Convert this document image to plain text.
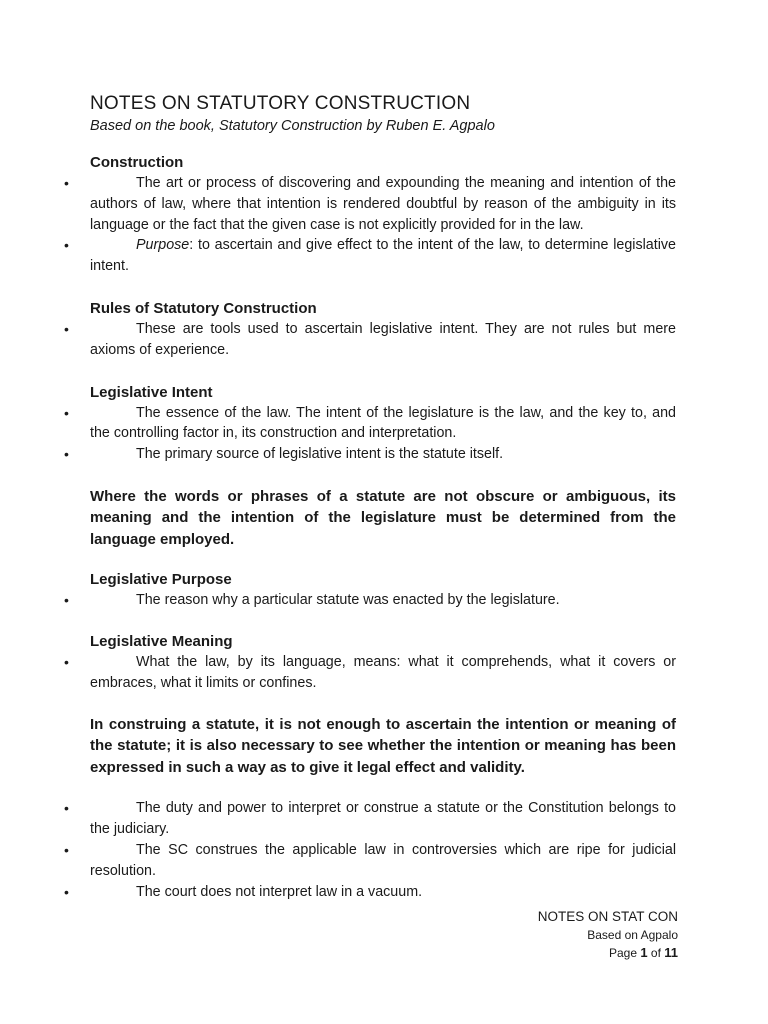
NOTES ON STATUTORY CONSTRUCTION

Based on the book, Statutory Construction by Ruben E. Agpalo

Construction

•	The art or process of discovering and expounding the meaning and intention of the authors of law, where that intention is rendered doubtful by reason of the ambiguity in its language or the fact that the given case is not explicitly provided for in the law.

•	Purpose: to ascertain and give effect to the intent of the law, to determine legislative intent.

Rules of Statutory Construction

•	These are tools used to ascertain legislative intent. They are not rules but mere axioms of experience.

Legislative Intent

•	The essence of the law. The intent of the legislature is the law, and the key to, and the controlling factor in, its construction and interpretation.

•	The primary source of legislative intent is the statute itself.

Where the words or phrases of a statute are not obscure or ambiguous, its meaning and the intention of the legislature must be determined from the language employed.

Legislative Purpose

•	The reason why a particular statute was enacted by the legislature.

Legislative Meaning

•	What the law, by its language, means: what it comprehends, what it covers or embraces, what it limits or confines.

In construing a statute, it is not enough to ascertain the intention or meaning of the statute; it is also necessary to see whether the intention or meaning has been expressed in such a way as to give it legal effect and validity.

•	The duty and power to interpret or construe a statute or the Constitution belongs to the judiciary.

•	The SC construes the applicable law in controversies which are ripe for judicial resolution.

•	The court does not interpret law in a vacuum.

NOTES ON STAT CON
Based on Agpalo
Page 1 of 11
